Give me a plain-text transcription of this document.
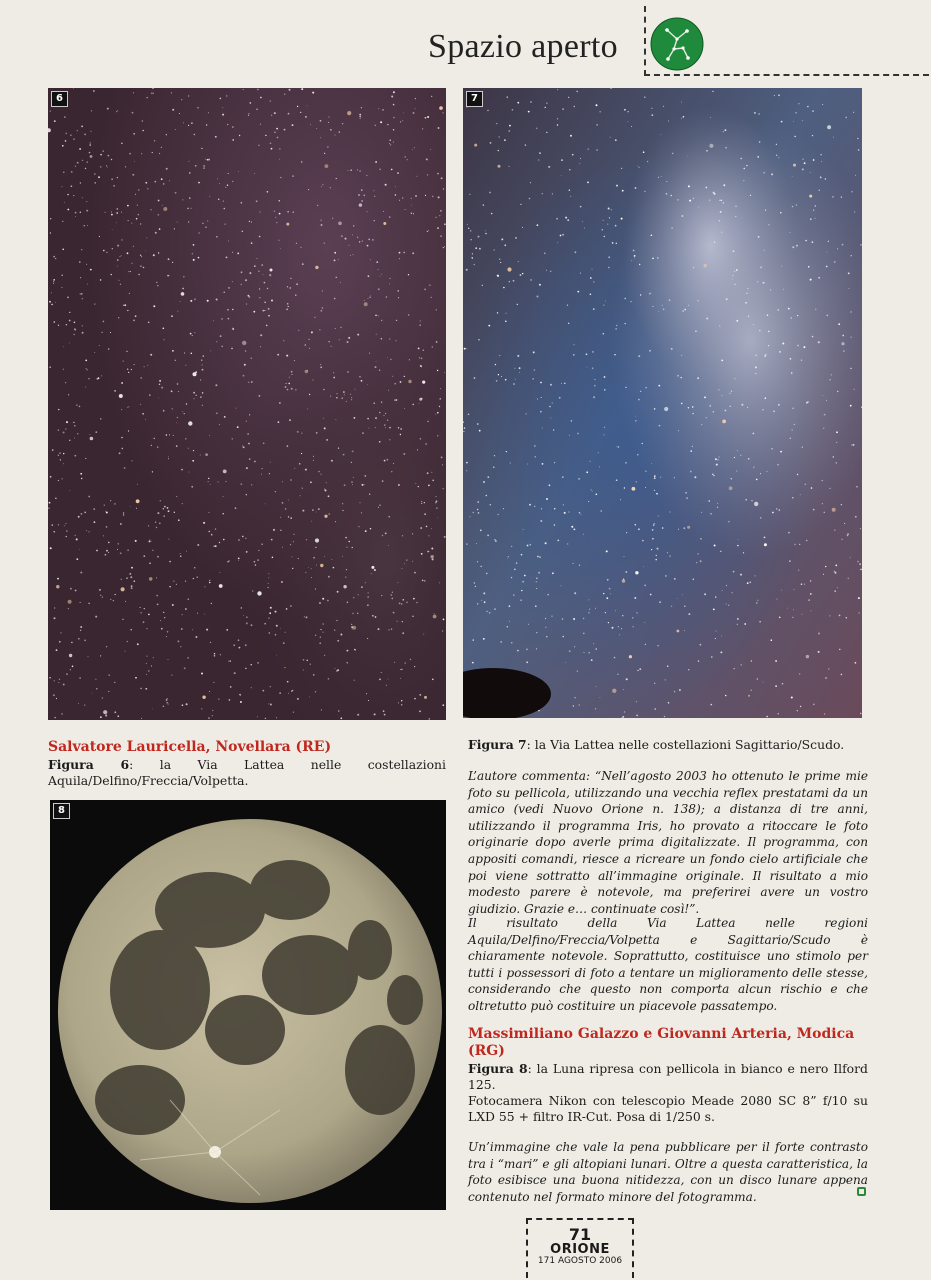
Spazio aperto
6	7
Salvatore Lauricella, Novellara (RE)
Figura 6: la Via Lattea nelle costellazioni Aquila/Delfino/Freccia/Volpetta.
8
Figura 7: la Via Lattea nelle costellazioni Sagittario/Scudo.
L’autore commenta: “Nell’agosto 2003 ho ottenuto le prime mie foto su pellicola, utilizzando una vecchia reflex prestatami da un amico (vedi Nuovo Orione n. 138); a distanza di tre anni, utilizzando il programma Iris, ho provato a ritoccare le foto originarie dopo averle prima digitalizzate. Il programma, con appositi comandi, riesce a ricreare un fondo cielo artificiale che poi viene sottratto all’immagine originale. Il risultato a mio modesto parere è notevole, ma preferirei avere un vostro giudizio. Grazie e… continuate così!”.
Il risultato della Via Lattea nelle regioni Aquila/Delfino/Freccia/Volpetta e Sagittario/Scudo è chiaramente notevole. Soprattutto, costituisce uno stimolo per tutti i possessori di foto a tentare un miglioramento delle stesse, considerando che questo non comporta alcun rischio e che oltretutto può costituire un piacevole passatempo.
Massimiliano Galazzo e Giovanni Arteria, Modica (RG)
Figura 8: la Luna ripresa con pellicola in bianco e nero Ilford 125.
Fotocamera Nikon con telescopio Meade 2080 SC 8” f/10 su LXD 55 + filtro IR-Cut. Posa di 1/250 s.
Un’immagine che vale la pena pubblicare per il forte contrasto tra i “mari” e gli altopiani lunari. Oltre a questa caratteristica, la foto esibisce una buona nitidezza, con un disco lunare appena contenuto nel formato minore del fotogramma.
71
ORIONE
171 AGOSTO 2006
